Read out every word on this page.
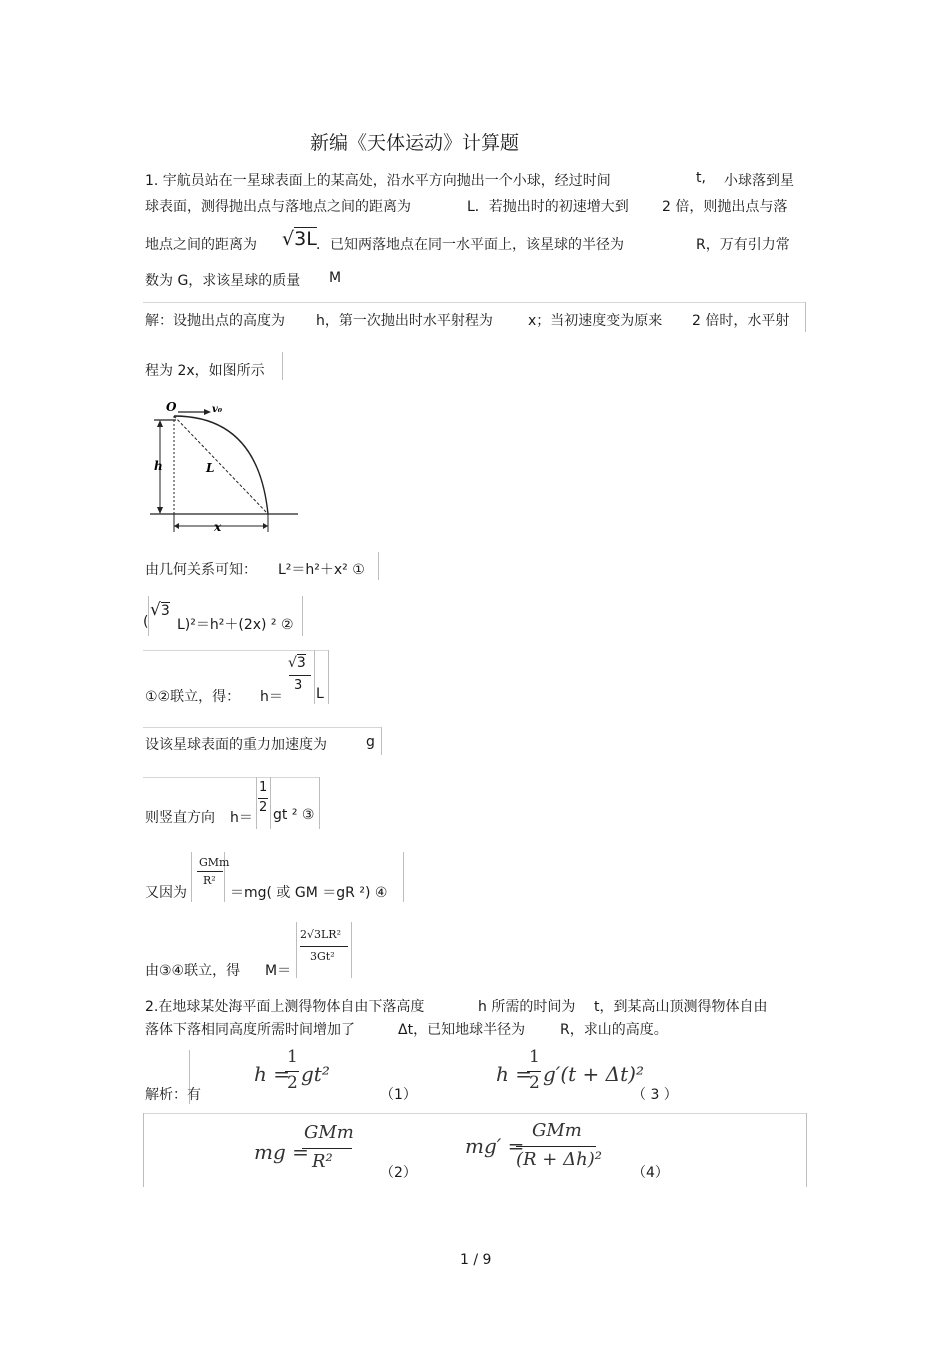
新编《天体运动》计算题
1. 宇航员站在一星球表面上的某高处，沿水平方向抛出一个小球，经过时间	t, 小球落到星
球表面，测得抛出点与落地点之间的距离为	L．若抛出时的初速增大到 2 倍，则抛出点与落
地点之间的距离为 √3L ．已知两落地点在同一水平面上，该星球的半径为	R，万有引力常
数为 G，求该星球的质量 M
解：设抛出点的高度为 h，第一次抛出时水平射程为	x；当初速度变为原来 2 倍时，水平射
程为 2x，如图所示
O	v₀
h	L
x
由几何关系可知： L²＝h²＋x² ①
(
√3
L)²＝h²＋(2x) ² ②
①②联立，得： h＝
√3
3
L
设该星球表面的重力加速度为	g
则竖直方向 h＝
1
2 gt ² ③
又因为
GMm
R²
＝mg( 或 GM ＝gR ²) ④
由③④联立，得 M＝
2√3LR²
3Gt²
2.在地球某处海平面上测得物体自由下落高度	h 所需的时间为 t，到某高山顶测得物体自由
落体下落相同高度所需时间增加了	Δt，已知地球半径为 R，求山的高度。
解析：有
h =
1
2 gt²
（1）
h =
1
2 g′(t + Δt)²
（ 3 ）
mg =
GMm
R²
（2）
mg′ =
GMm
(R + Δh)²
（4）
1 / 9
